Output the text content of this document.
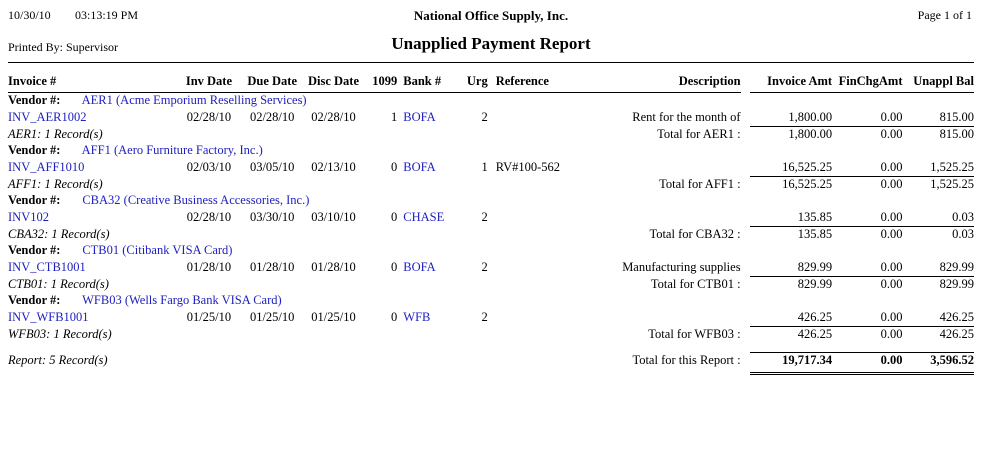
10/30/10 03:13:19 PM	National Office Supply, Inc.	Page 1 of 1
Printed By: Supervisor	Unapplied Payment Report
Invoice #	Inv Date	Due Date	Disc Date	1099	Bank #	Urg	Reference	Description		Invoice Amt	FinChgAmt	Unappl Bal
Vendor #: AER1 (Acme Emporium Reselling Services)												
INV_AER1002	02/28/10	02/28/10	02/28/10	1	BOFA	2		Rent for the month of		1,800.00	0.00	815.00
AER1: 1 Record(s)								Total for AER1 :		1,800.00	0.00	815.00
Vendor #: AFF1 (Aero Furniture Factory, Inc.)												
INV_AFF1010	02/03/10	03/05/10	02/13/10	0	BOFA	1	RV#100-562			16,525.25	0.00	1,525.25
AFF1: 1 Record(s)								Total for AFF1 :		16,525.25	0.00	1,525.25
Vendor #: CBA32 (Creative Business Accessories, Inc.)												
INV102	02/28/10	03/30/10	03/10/10	0	CHASE	2				135.85	0.00	0.03
CBA32: 1 Record(s)								Total for CBA32 :		135.85	0.00	0.03
Vendor #: CTB01 (Citibank VISA Card)												
INV_CTB1001	01/28/10	01/28/10	01/28/10	0	BOFA	2		Manufacturing supplies		829.99	0.00	829.99
CTB01: 1 Record(s)								Total for CTB01 :		829.99	0.00	829.99
Vendor #: WFB03 (Wells Fargo Bank VISA Card)												
INV_WFB1001	01/25/10	01/25/10	01/25/10	0	WFB	2				426.25	0.00	426.25
WFB03: 1 Record(s)								Total for WFB03 :		426.25	0.00	426.25

Report: 5 Record(s)								Total for this Report :		19,717.34	0.00	3,596.52
